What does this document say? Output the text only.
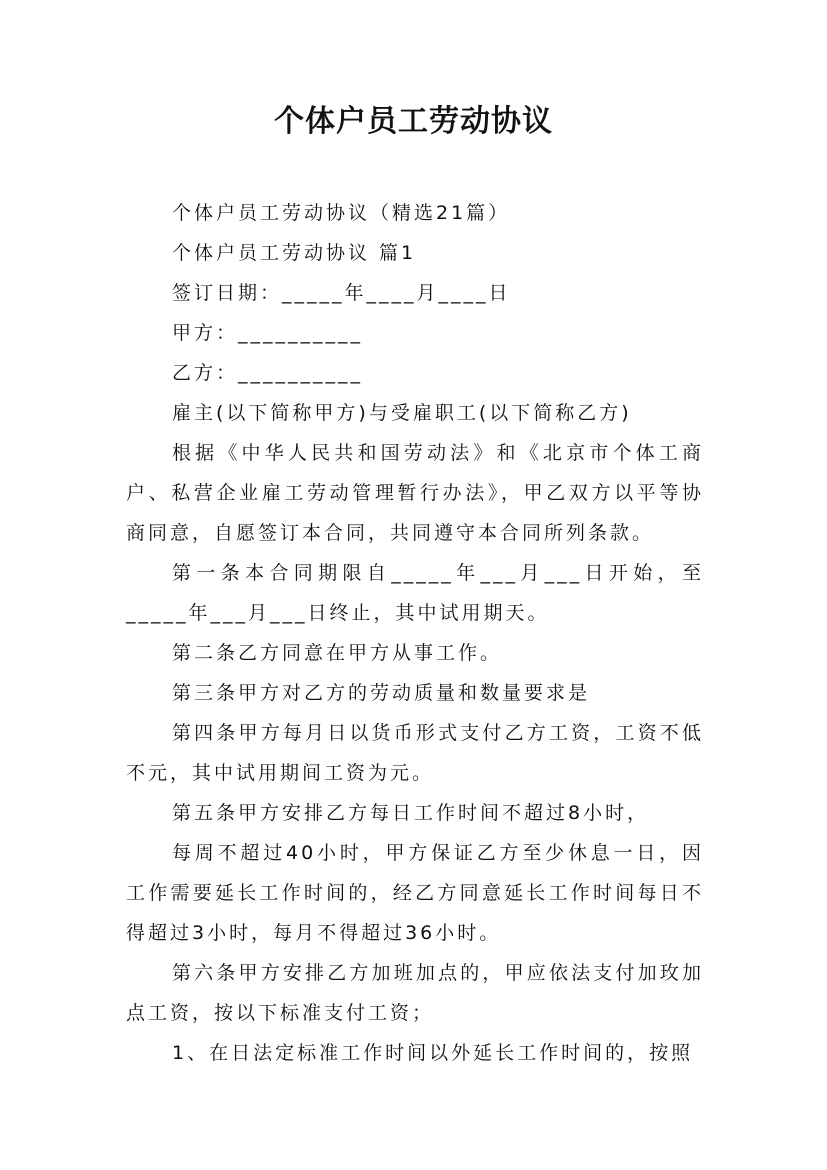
个体户员工劳动协议

个体户员工劳动协议（精选21篇）

个体户员工劳动协议 篇1

签订日期：_____年____月____日

甲方：__________

乙方：__________

雇主(以下简称甲方)与受雇职工(以下简称乙方)

根据《中华人民共和国劳动法》和《北京市个体工商户、私营企业雇工劳动管理暂行办法》，甲乙双方以平等协商同意，自愿签订本合同，共同遵守本合同所列条款。

第一条本合同期限自_____年___月___日开始，至_____年___月___日终止，其中试用期天。

第二条乙方同意在甲方从事工作。

第三条甲方对乙方的劳动质量和数量要求是

第四条甲方每月日以货币形式支付乙方工资，工资不低不元，其中试用期间工资为元。

第五条甲方安排乙方每日工作时间不超过8小时，

每周不超过40小时，甲方保证乙方至少休息一日，因工作需要延长工作时间的，经乙方同意延长工作时间每日不得超过3小时，每月不得超过36小时。

第六条甲方安排乙方加班加点的，甲应依法支付加玫加点工资，按以下标准支付工资；

1、在日法定标准工作时间以外延长工作时间的，按照
